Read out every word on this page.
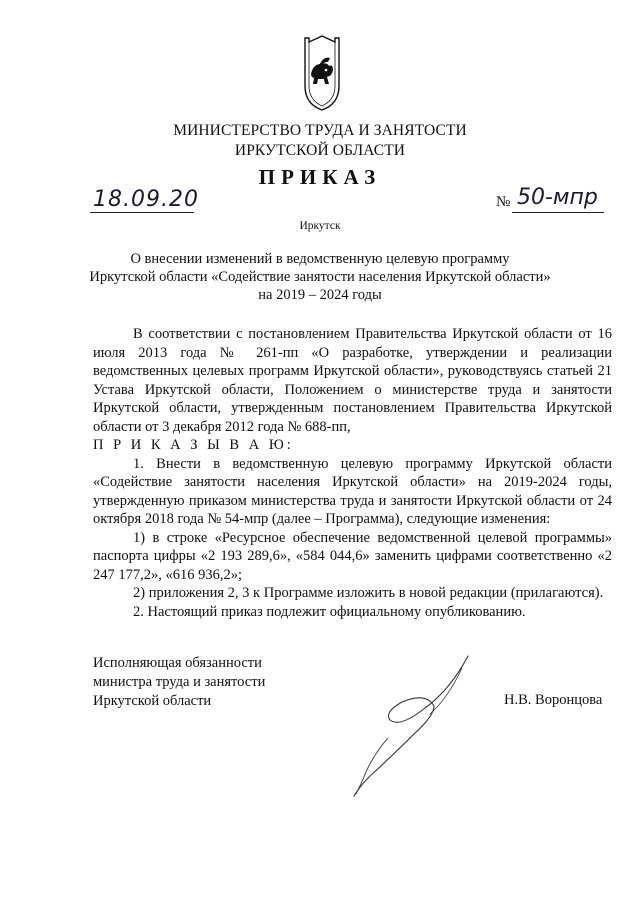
МИНИСТЕРСТВО ТРУДА И ЗАНЯТОСТИ
ИРКУТСКОЙ ОБЛАСТИ
ПРИКАЗ
18.09.20	№ 50-мпр
Иркутск
О внесении изменений в ведомственную целевую программу
Иркутской области «Содействие занятости населения Иркутской области»
на 2019 – 2024 годы

В соответствии с постановлением Правительства Иркутской области от 16 июля 2013 года № 261-пп «О разработке, утверждении и реализации ведомственных целевых программ Иркутской области», руководствуясь статьей 21 Устава Иркутской области, Положением о министерстве труда и занятости Иркутской области, утвержденным постановлением Правительства Иркутской области от 3 декабря 2012 года № 688-пп,

П Р И К А З Ы В А Ю:

1. Внести в ведомственную целевую программу Иркутской области «Содействие занятости населения Иркутской области» на 2019-2024 годы, утвержденную приказом министерства труда и занятости Иркутской области от 24 октября 2018 года № 54-мпр (далее – Программа), следующие изменения:

1) в строке «Ресурсное обеспечение ведомственной целевой программы» паспорта цифры «2 193 289,6», «584 044,6» заменить цифрами соответственно «2 247 177,2», «616 936,2»;

2) приложения 2, 3 к Программе изложить в новой редакции (прилагаются).

2. Настоящий приказ подлежит официальному опубликованию.

Исполняющая обязанности
министра труда и занятости
Иркутской области	Н.В. Воронцова
